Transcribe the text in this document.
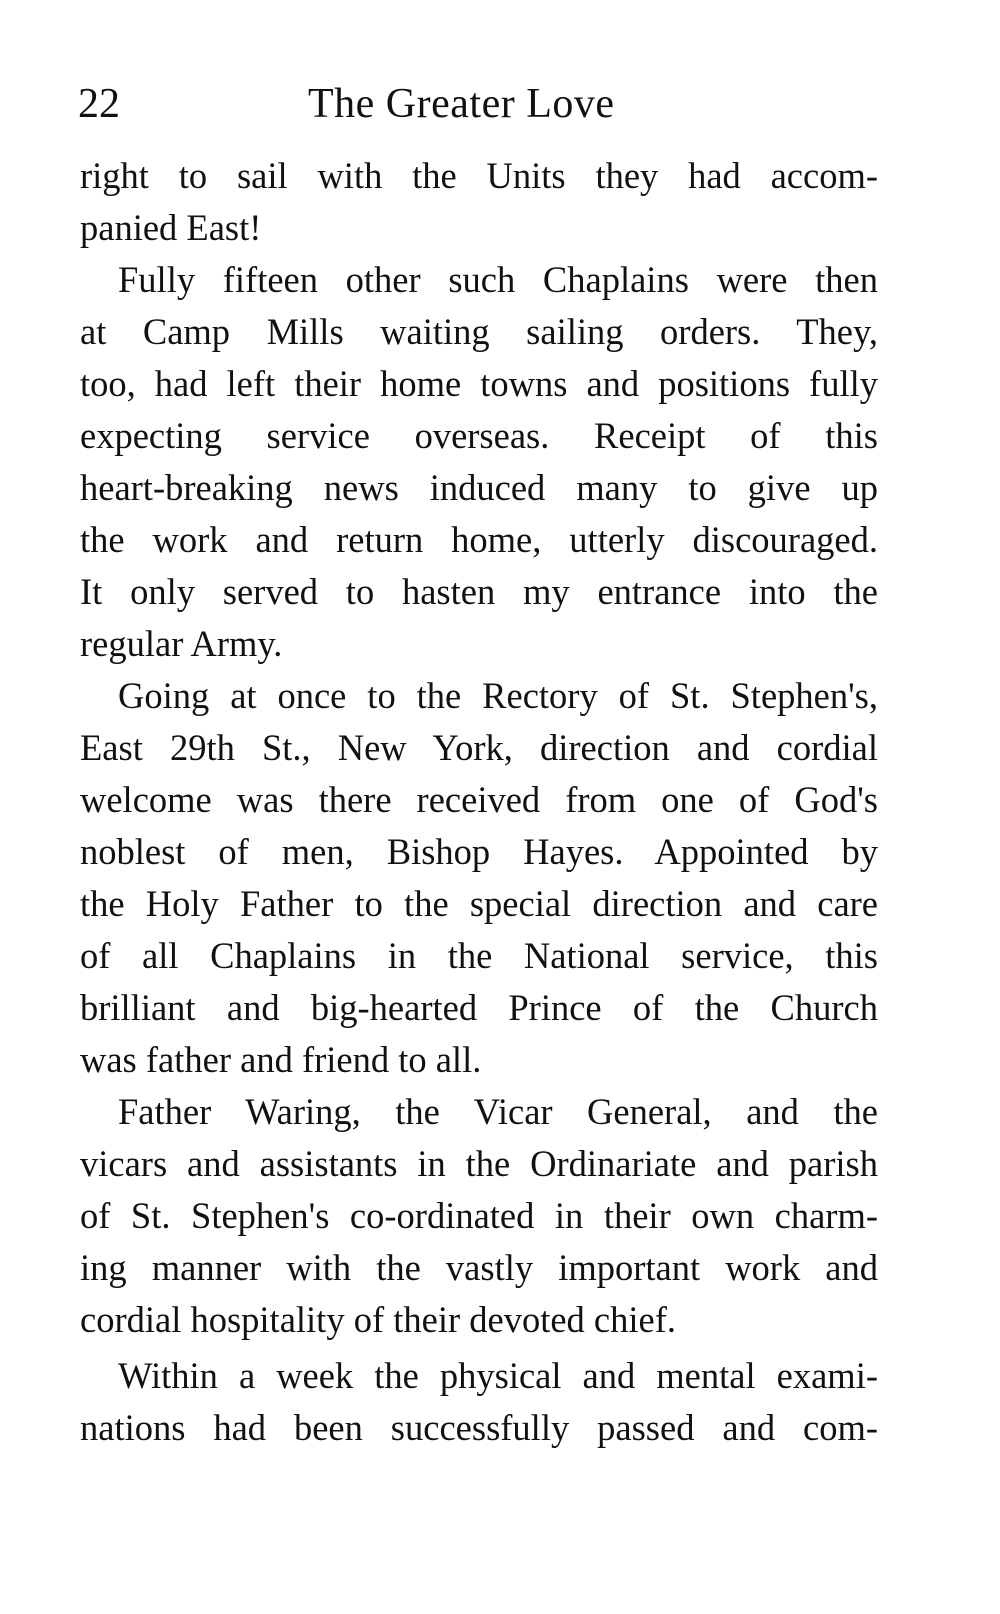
22	The Greater Love
right to sail with the Units they had accom-
panied East!
Fully fifteen other such Chaplains were then
at Camp Mills waiting sailing orders. They,
too, had left their home towns and positions fully
expecting service overseas. Receipt of this
heart-breaking news induced many to give up
the work and return home, utterly discouraged.
It only served to hasten my entrance into the
regular Army.
Going at once to the Rectory of St. Stephen's,
East 29th St., New York, direction and cordial
welcome was there received from one of God's
noblest of men, Bishop Hayes. Appointed by
the Holy Father to the special direction and care
of all Chaplains in the National service, this
brilliant and big-hearted Prince of the Church
was father and friend to all.
Father Waring, the Vicar General, and the
vicars and assistants in the Ordinariate and parish
of St. Stephen's co-ordinated in their own charm-
ing manner with the vastly important work and
cordial hospitality of their devoted chief.
Within a week the physical and mental exami-
nations had been successfully passed and com-
